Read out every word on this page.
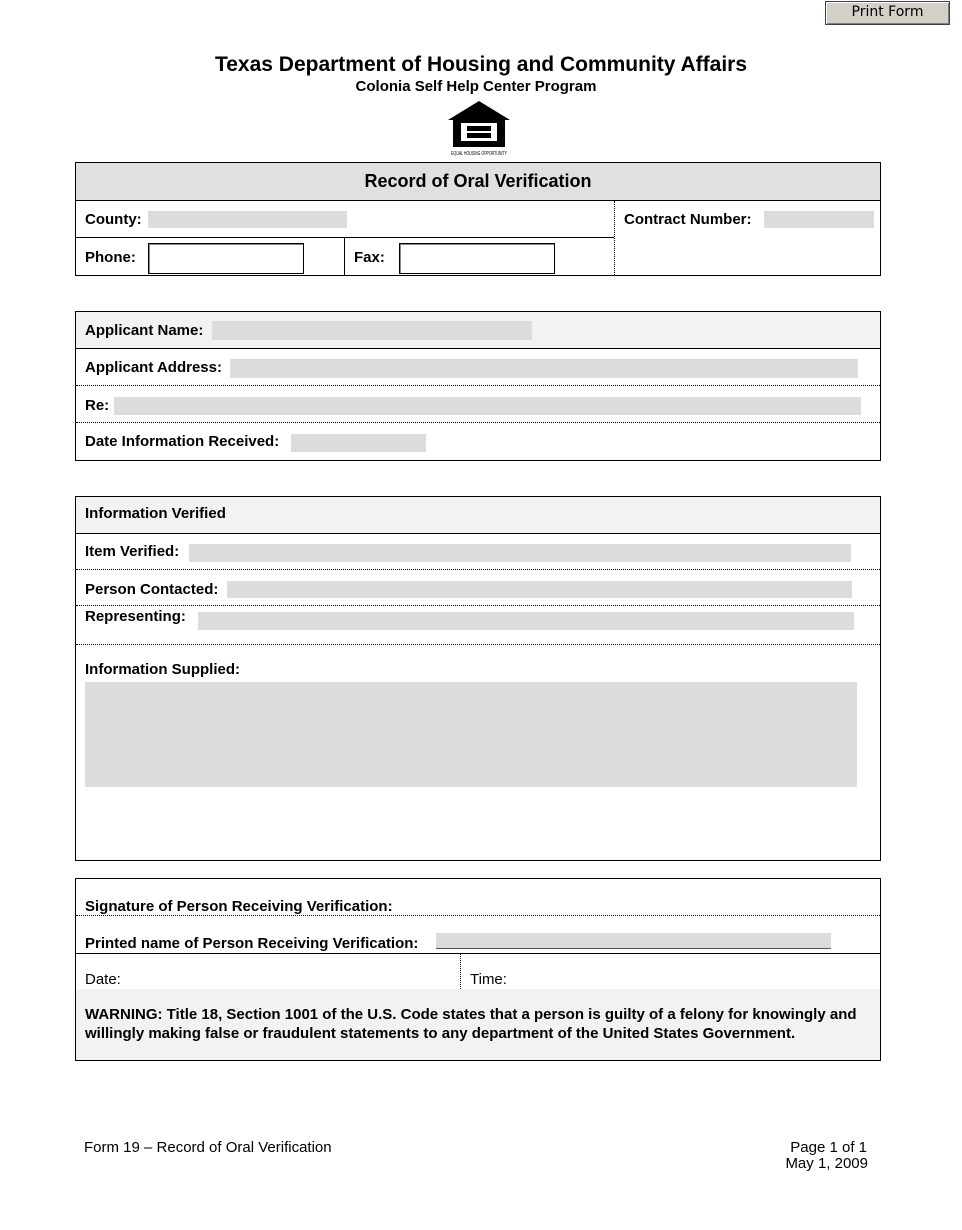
Print Form
Texas Department of Housing and Community Affairs
Colonia Self Help Center Program
EQUAL HOUSING OPPORTUNITY
Record of Oral Verification
County:	Contract Number:
Phone:	Fax:
Applicant Name:
Applicant Address:
Re:
Date Information Received:
Information Verified
Item Verified:
Person Contacted:
Representing:
Information Supplied:
Signature of Person Receiving Verification:
Printed name of Person Receiving Verification:
Date:	Time:
WARNING: Title 18, Section 1001 of the U.S. Code states that a person is guilty of a felony for knowingly and willingly making false or fraudulent statements to any department of the United States Government.
Form 19 – Record of Oral Verification	Page 1 of 1
May 1, 2009
